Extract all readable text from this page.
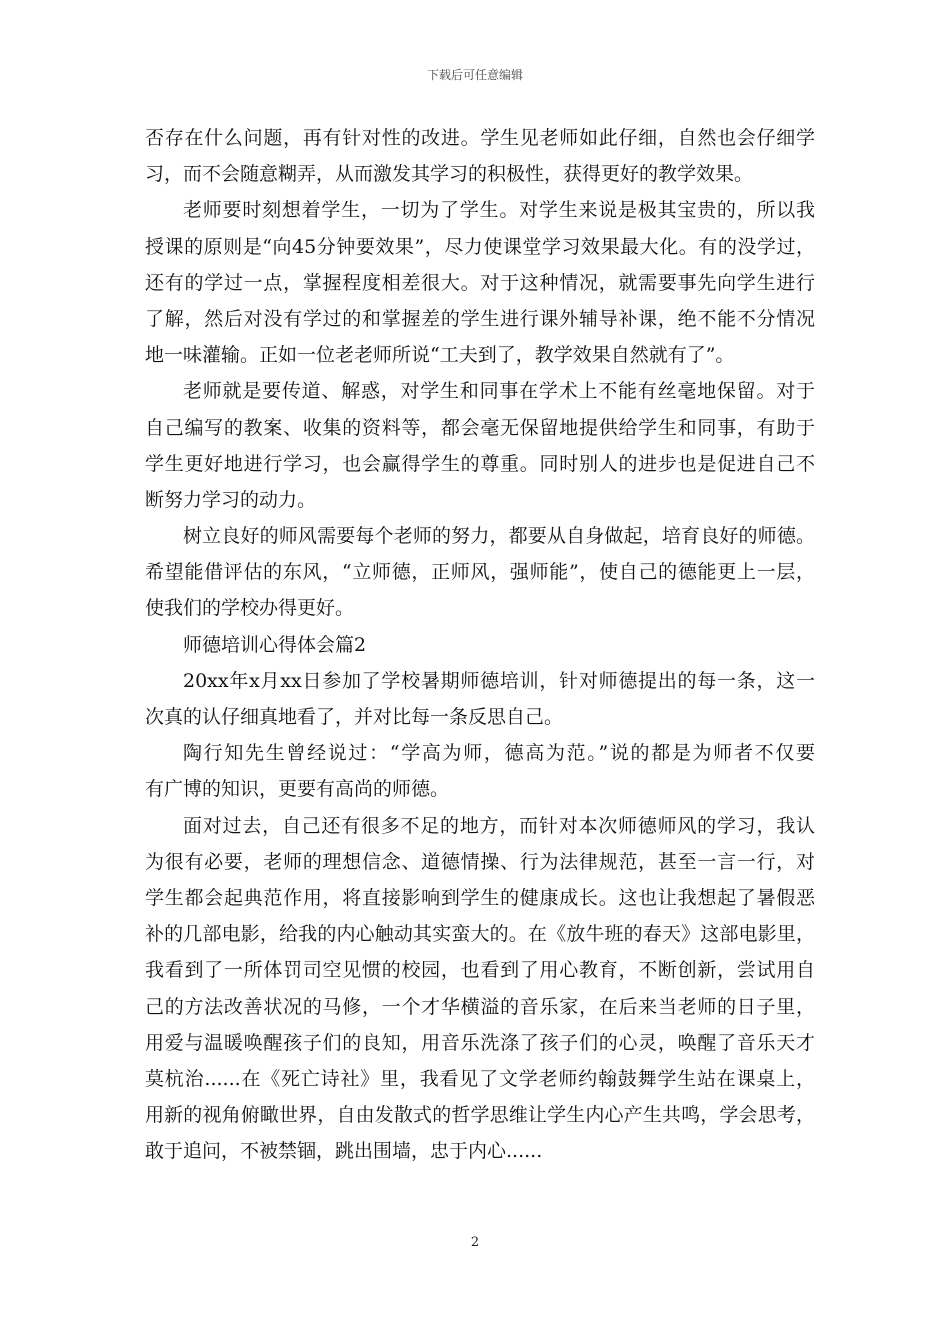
下载后可任意编辑
否存在什么问题，再有针对性的改进。学生见老师如此仔细，自然也会仔细学
习，而不会随意糊弄，从而激发其学习的积极性，获得更好的教学效果。
老师要时刻想着学生，一切为了学生。对学生来说是极其宝贵的，所以我
授课的原则是“向45分钟要效果”，尽力使课堂学习效果最大化。有的没学过，
还有的学过一点，掌握程度相差很大。对于这种情况，就需要事先向学生进行
了解，然后对没有学过的和掌握差的学生进行课外辅导补课，绝不能不分情况
地一味灌输。正如一位老老师所说“工夫到了，教学效果自然就有了”。
老师就是要传道、解惑，对学生和同事在学术上不能有丝毫地保留。对于
自己编写的教案、收集的资料等，都会毫无保留地提供给学生和同事，有助于
学生更好地进行学习，也会赢得学生的尊重。同时别人的进步也是促进自己不
断努力学习的动力。
树立良好的师风需要每个老师的努力，都要从自身做起，培育良好的师德。
希望能借评估的东风，“立师德，正师风，强师能”，使自己的德能更上一层，
使我们的学校办得更好。
师德培训心得体会篇2
20xx年x月xx日参加了学校暑期师德培训，针对师德提出的每一条，这一
次真的认仔细真地看了，并对比每一条反思自己。
陶行知先生曾经说过：“学高为师，德高为范。”说的都是为师者不仅要
有广博的知识，更要有高尚的师德。
面对过去，自己还有很多不足的地方，而针对本次师德师风的学习，我认
为很有必要，老师的理想信念、道德情操、行为法律规范，甚至一言一行，对
学生都会起典范作用，将直接影响到学生的健康成长。这也让我想起了暑假恶
补的几部电影，给我的内心触动其实蛮大的。在《放牛班的春天》这部电影里，
我看到了一所体罚司空见惯的校园，也看到了用心教育，不断创新，尝试用自
己的方法改善状况的马修，一个才华横溢的音乐家，在后来当老师的日子里，
用爱与温暖唤醒孩子们的良知，用音乐洗涤了孩子们的心灵，唤醒了音乐天才
莫杭治......在《死亡诗社》里，我看见了文学老师约翰鼓舞学生站在课桌上，
用新的视角俯瞰世界，自由发散式的哲学思维让学生内心产生共鸣，学会思考，
敢于追问，不被禁锢，跳出围墙，忠于内心......
2
